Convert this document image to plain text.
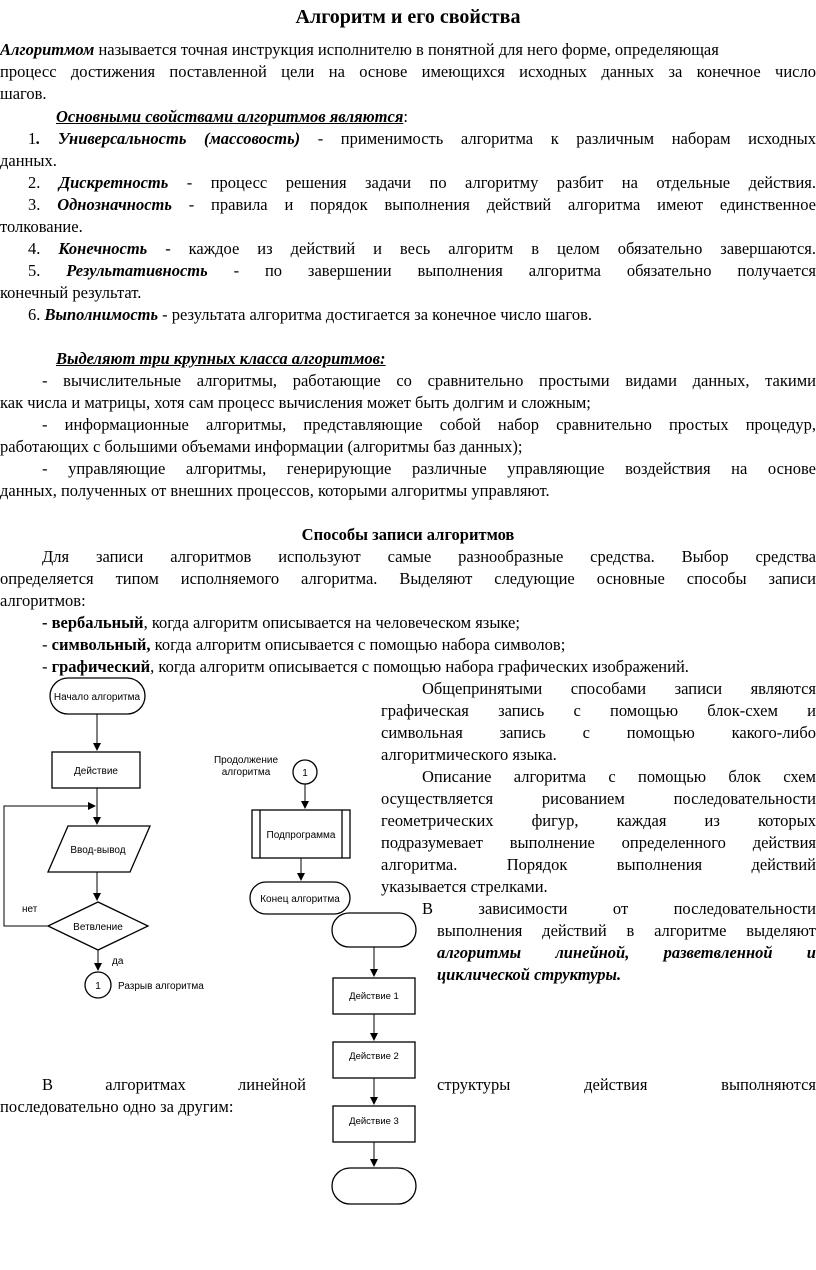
Алгоритм и его свойства
Алгоритмом называется точная инструкция исполнителю в понятной для него форме, определяющая
процесс достижения поставленной цели на основе имеющихся исходных данных за конечное число
шагов.
Основными свойствами алгоритмов являются:
1. Универсальность (массовость) - применимость алгоритма к различным наборам исходных
данных.
2. Дискретность - процесс решения задачи по алгоритму разбит на отдельные действия.
3. Однозначность - правила и порядок выполнения действий алгоритма имеют единственное
толкование.
4. Конечность - каждое из действий и весь алгоритм в целом обязательно завершаются.
5. Результативность - по завершении выполнения алгоритма обязательно получается
конечный результат.
6. Выполнимость - результата алгоритма достигается за конечное число шагов.
Выделяют три крупных класса алгоритмов:
- вычислительные алгоритмы, работающие со сравнительно простыми видами данных, такими
как числа и матрицы, хотя сам процесс вычисления может быть долгим и сложным;
- информационные алгоритмы, представляющие собой набор сравнительно простых процедур,
работающих с большими объемами информации (алгоритмы баз данных);
- управляющие алгоритмы, генерирующие различные управляющие воздействия на основе
данных, полученных от внешних процессов, которыми алгоритмы управляют.
Способы записи алгоритмов
Для записи алгоритмов используют самые разнообразные средства. Выбор средства
определяется типом исполняемого алгоритма. Выделяют следующие основные способы записи
алгоритмов:
- вербальный, когда алгоритм описывается на человеческом языке;
- символьный, когда алгоритм описывается с помощью набора символов;
- графический, когда алгоритм описывается с помощью набора графических изображений.
Общепринятыми способами записи являются
графическая запись с помощью блок-схем и
символьная запись с помощью какого-либо
алгоритмического языка.
Описание алгоритма с помощью блок схем
осуществляется рисованием последовательности
геометрических фигур, каждая из которых
подразумевает выполнение определенного действия
алгоритма. Порядок выполнения действий
указывается стрелками.
В зависимости от последовательности
выполнения действий в алгоритме выделяют
алгоритмы линейной, разветвленной и
циклической структуры.
В алгоритмах линейной	структуры действия выполняются
последовательно одно за другим:
Начало алгоритма
Действие
Ввод-вывод
Ветвление
нет
да
1 Разрыв алгоритма
Продолжение
алгоритма	1
Подпрограмма
Конец алгоритма
Действие 1
Действие 2
Действие 3
